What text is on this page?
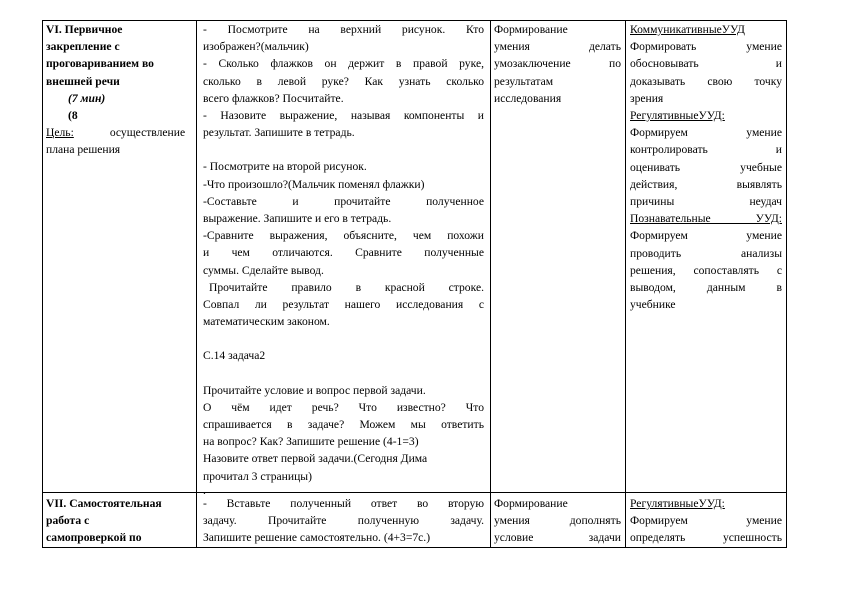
VI. Первичное

закрепление с

проговариванием во

внешней речи

(7 мин)

(8

Цель:	осуществление

плана решения

- Посмотрите на верхний рисунок. Кто

изображен?(мальчик)

- Сколько флажков он держит в правой руке,

сколько в левой руке? Как узнать сколько

всего флажков? Посчитайте.

- Назовите выражение, называя компоненты и

результат. Запишите в тетрадь.

- Посмотрите на второй рисунок.

-Что произошло?(Мальчик поменял флажки)

-Составьте и прочитайте полученное

выражение. Запишите и его в тетрадь.

-Сравните выражения, объясните, чем похожи

и чем отличаются. Сравните полученные

суммы. Сделайте вывод.

Прочитайте правило в красной строке.

Совпал ли результат нашего исследования с

математическим законом.

С.14 задача2

Прочитайте условие и вопрос первой задачи.

О чём идет речь? Что известно? Что

спрашивается в задаче? Можем мы ответить

на вопрос? Как? Запишите решение (4-1=3)

Назовите ответ первой задачи.(Сегодня Дима

прочитал 3 страницы)

.

Формирование

умения делать

умозаключение по

результатам

исследования

КоммуникативныеУУД

Формировать умение

обосновывать и

доказывать свою точку

зрения

РегулятивныеУУД:

Формируем умение

контролировать и

оценивать учебные

действия, выявлять

причины неудач

Познавательные УУД:

Формируем умение

проводить анализы

решения, сопоставлять с

выводом, данным в

учебнике

VII. Самостоятельная

работа с

самопроверкой по

- Вставьте полученный ответ во вторую

задачу. Прочитайте полученную задачу.

Запишите решение самостоятельно. (4+3=7с.)

Формирование

умения дополнять

условие задачи

РегулятивныеУУД:

Формируем умение

определять успешность
